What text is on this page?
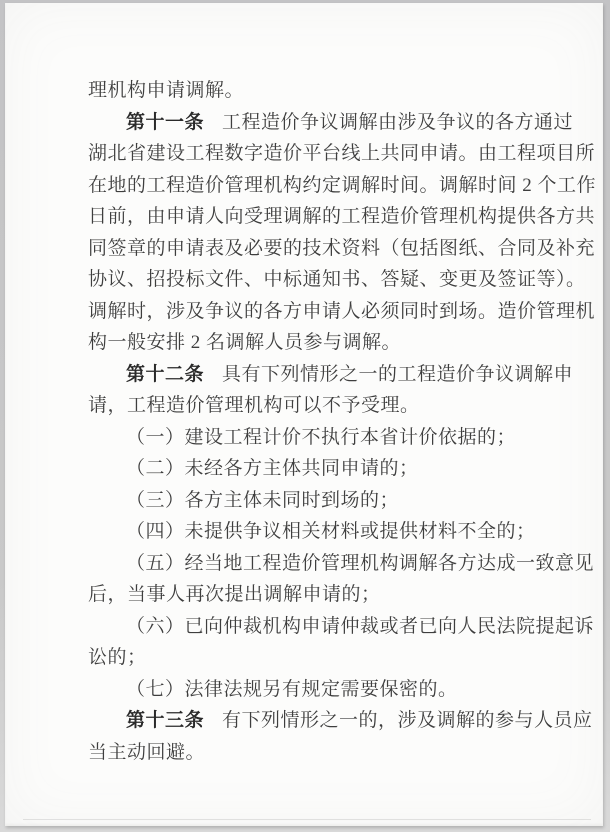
理机构申请调解。
第十一条 工程造价争议调解由涉及争议的各方通过
湖北省建设工程数字造价平台线上共同申请。由工程项目所
在地的工程造价管理机构约定调解时间。调解时间 2 个工作
日前，由申请人向受理调解的工程造价管理机构提供各方共
同签章的申请表及必要的技术资料（包括图纸、合同及补充
协议、招投标文件、中标通知书、答疑、变更及签证等）。
调解时，涉及争议的各方申请人必须同时到场。造价管理机
构一般安排 2 名调解人员参与调解。
第十二条 具有下列情形之一的工程造价争议调解申
请，工程造价管理机构可以不予受理。
（一）建设工程计价不执行本省计价依据的；
（二）未经各方主体共同申请的；
（三）各方主体未同时到场的；
（四）未提供争议相关材料或提供材料不全的；
（五）经当地工程造价管理机构调解各方达成一致意见
后，当事人再次提出调解申请的；
（六）已向仲裁机构申请仲裁或者已向人民法院提起诉
讼的；
（七）法律法规另有规定需要保密的。
第十三条 有下列情形之一的，涉及调解的参与人员应
当主动回避。
